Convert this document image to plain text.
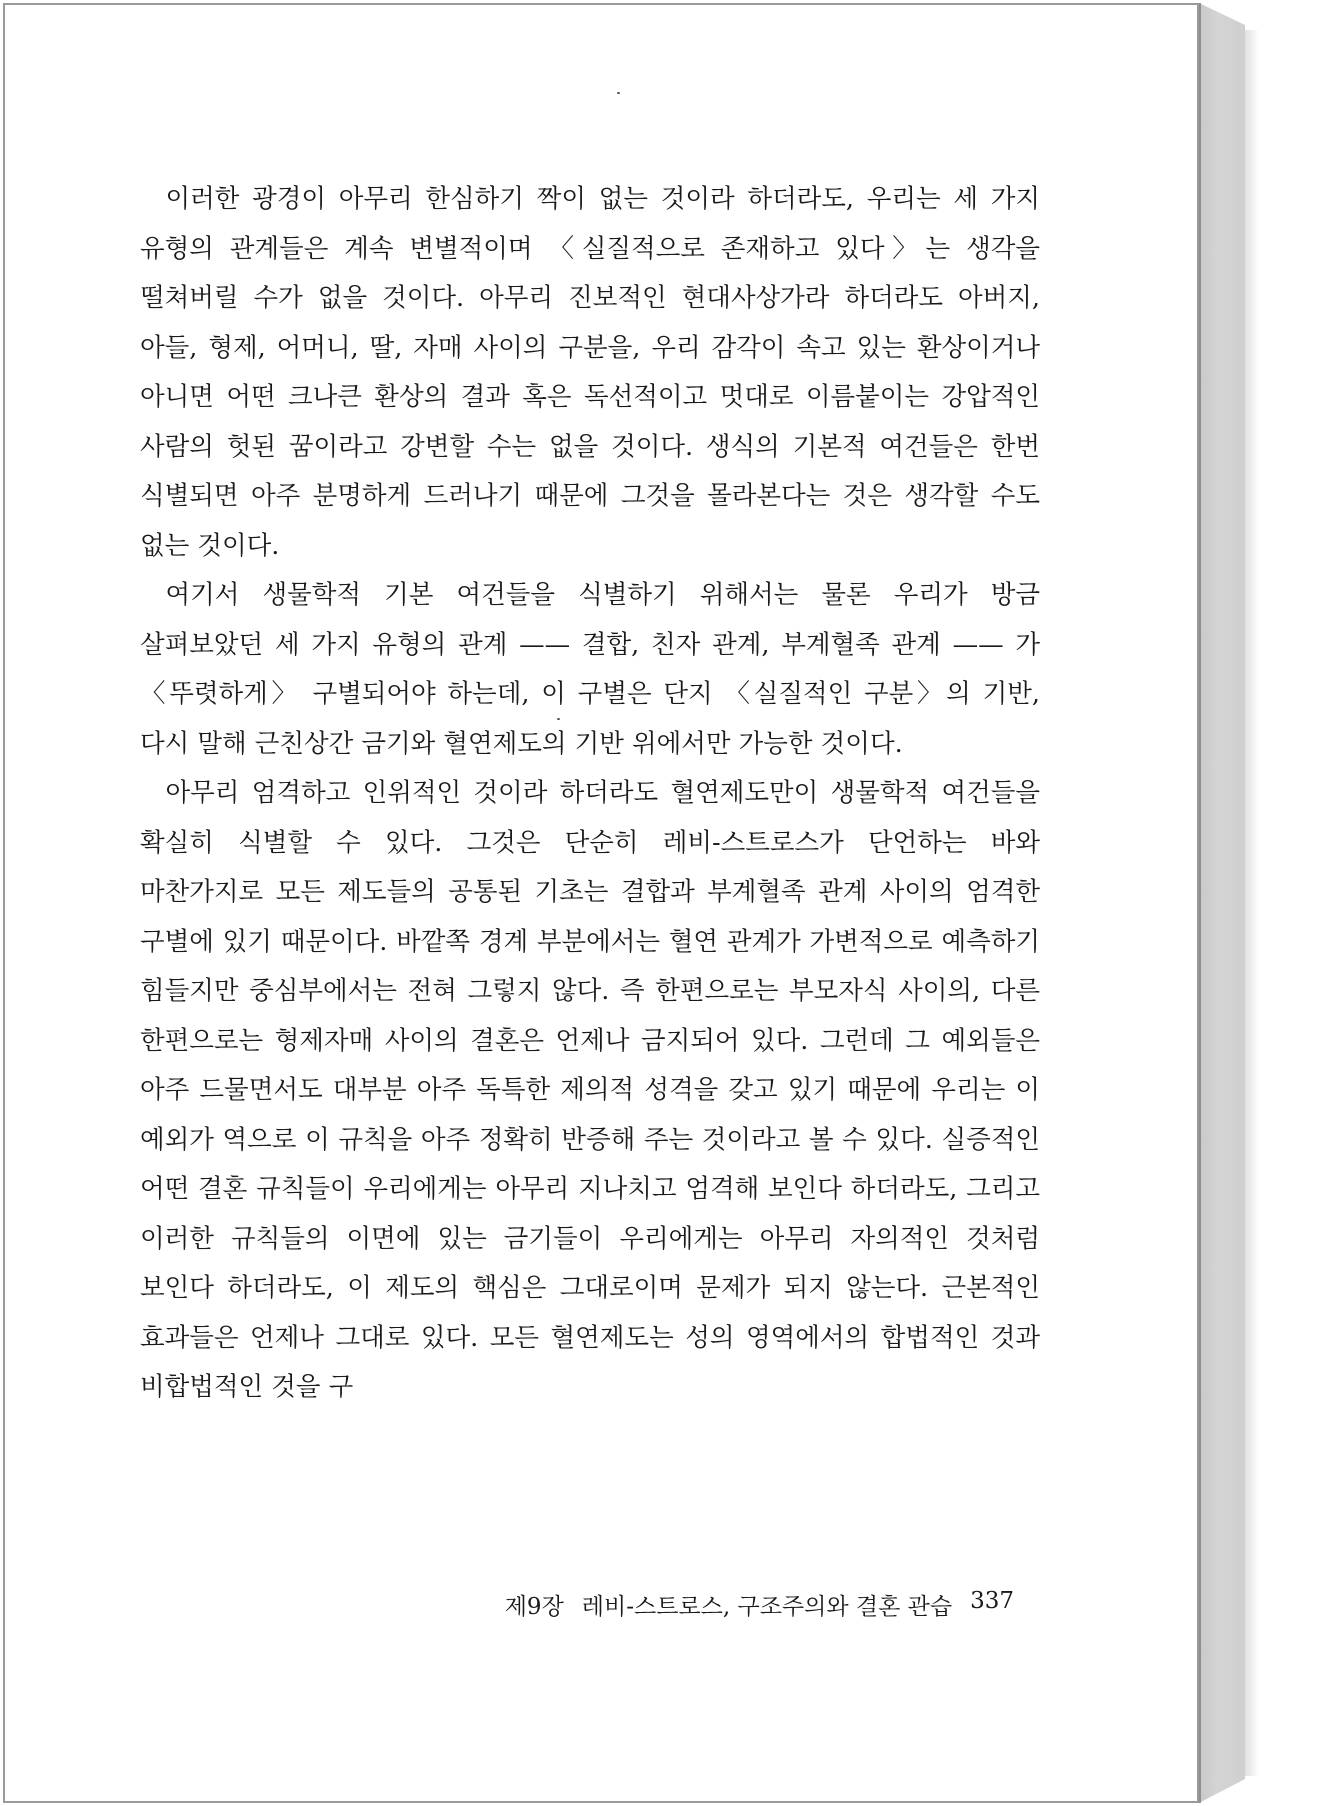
이러한 광경이 아무리 한심하기 짝이 없는 것이라 하더라도, 우리는 세 가지 유형의 관계들은 계속 변별적이며 〈실질적으로 존재하고 있다〉는 생각을 떨쳐버릴 수가 없을 것이다. 아무리 진보적인 현대사상가라 하더라도 아버지, 아들, 형제, 어머니, 딸, 자매 사이의 구분을, 우리 감각이 속고 있는 환상이거나 아니면 어떤 크나큰 환상의 결과 혹은 독선적이고 멋대로 이름붙이는 강압적인 사람의 헛된 꿈이라고 강변할 수는 없을 것이다. 생식의 기본적 여건들은 한번 식별되면 아주 분명하게 드러나기 때문에 그것을 몰라본다는 것은 생각할 수도 없는 것이다.

여기서 생물학적 기본 여건들을 식별하기 위해서는 물론 우리가 방금 살펴보았던 세 가지 유형의 관계 —— 결합, 친자 관계, 부계혈족 관계 —— 가 〈뚜렷하게〉 구별되어야 하는데, 이 구별은 단지 〈실질적인 구분〉의 기반, 다시 말해 근친상간 금기와 혈연제도의 기반 위에서만 가능한 것이다.

아무리 엄격하고 인위적인 것이라 하더라도 혈연제도만이 생물학적 여건들을 확실히 식별할 수 있다. 그것은 단순히 레비-스트로스가 단언하는 바와 마찬가지로 모든 제도들의 공통된 기초는 결합과 부계혈족 관계 사이의 엄격한 구별에 있기 때문이다. 바깥쪽 경계 부분에서는 혈연 관계가 가변적으로 예측하기 힘들지만 중심부에서는 전혀 그렇지 않다. 즉 한편으로는 부모자식 사이의, 다른 한편으로는 형제자매 사이의 결혼은 언제나 금지되어 있다. 그런데 그 예외들은 아주 드물면서도 대부분 아주 독특한 제의적 성격을 갖고 있기 때문에 우리는 이 예외가 역으로 이 규칙을 아주 정확히 반증해 주는 것이라고 볼 수 있다. 실증적인 어떤 결혼 규칙들이 우리에게는 아무리 지나치고 엄격해 보인다 하더라도, 그리고 이러한 규칙들의 이면에 있는 금기들이 우리에게는 아무리 자의적인 것처럼 보인다 하더라도, 이 제도의 핵심은 그대로이며 문제가 되지 않는다. 근본적인 효과들은 언제나 그대로 있다. 모든 혈연제도는 성의 영역에서의 합법적인 것과 비합법적인 것을 구

제9장 레비-스트로스, 구조주의와 결혼 관습 337
